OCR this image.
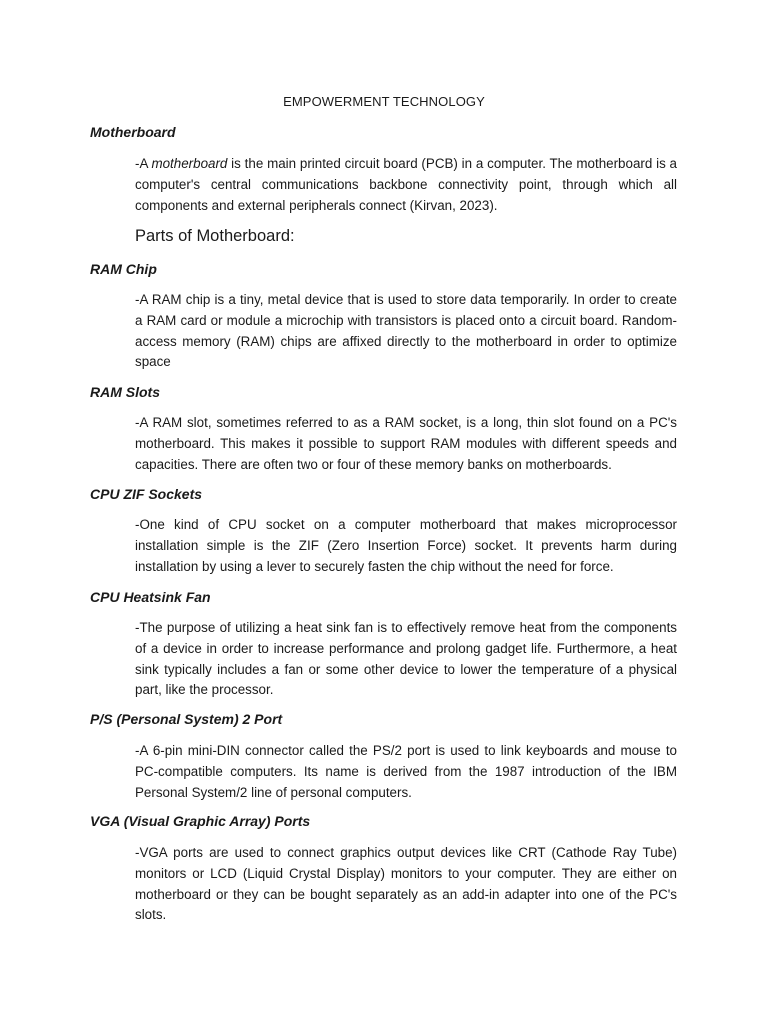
EMPOWERMENT TECHNOLOGY
Motherboard

-A motherboard is the main printed circuit board (PCB) in a computer. The motherboard is a computer's central communications backbone connectivity point, through which all components and external peripherals connect (Kirvan, 2023).

Parts of Motherboard:
RAM Chip

-A RAM chip is a tiny, metal device that is used to store data temporarily. In order to create a RAM card or module a microchip with transistors is placed onto a circuit board. Random-access memory (RAM) chips are affixed directly to the motherboard in order to optimize space

RAM Slots

-A RAM slot, sometimes referred to as a RAM socket, is a long, thin slot found on a PC's motherboard. This makes it possible to support RAM modules with different speeds and capacities. There are often two or four of these memory banks on motherboards.

CPU ZIF Sockets

-One kind of CPU socket on a computer motherboard that makes microprocessor installation simple is the ZIF (Zero Insertion Force) socket. It prevents harm during installation by using a lever to securely fasten the chip without the need for force.

CPU Heatsink Fan

-The purpose of utilizing a heat sink fan is to effectively remove heat from the components of a device in order to increase performance and prolong gadget life. Furthermore, a heat sink typically includes a fan or some other device to lower the temperature of a physical part, like the processor.

P/S (Personal System) 2 Port

-A 6-pin mini-DIN connector called the PS/2 port is used to link keyboards and mouse to PC-compatible computers. Its name is derived from the 1987 introduction of the IBM Personal System/2 line of personal computers.

VGA (Visual Graphic Array) Ports

-VGA ports are used to connect graphics output devices like CRT (Cathode Ray Tube) monitors or LCD (Liquid Crystal Display) monitors to your computer. They are either on motherboard or they can be bought separately as an add-in adapter into one of the PC's slots.
